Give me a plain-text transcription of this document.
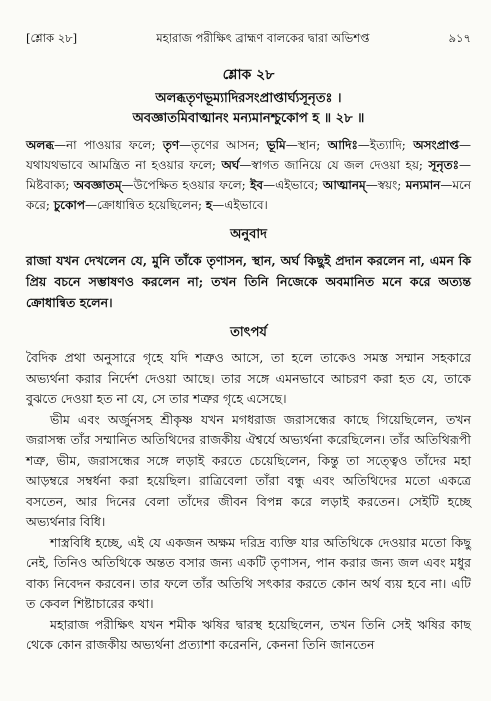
[শ্লোক ২৮]	মহারাজ পরীক্ষিৎ ব্রাহ্মণ বালকের দ্বারা অভিশপ্ত	৯১৭
শ্লোক ২৮
অলব্ধতৃণভূম্যাদিরসংপ্রাপ্তার্ঘ্যসূনৃতঃ ।
অবজ্ঞাতমিবাত্মানং মন্যমানশ্চুকোপ হ ॥ ২৮ ॥
অলব্ধ—না পাওয়ার ফলে; তৃণ—তৃণের আসন; ভূমি—স্থান; আদিঃ—ইত্যাদি; অসংপ্রাপ্ত—যথাযথভাবে আমন্ত্রিত না হওয়ার ফলে; অর্ঘ—স্বাগত জানিয়ে যে জল দেওয়া হয়; সূনৃতঃ—মিষ্টবাক্য; অবজ্ঞাতম্—উপেক্ষিত হওয়ার ফলে; ইব—এইভাবে; আত্মানম্—স্বয়ং; মন্যমান—মনে করে; চুকোপ—ক্রোধান্বিত হয়েছিলেন; হ—এইভাবে।
অনুবাদ
রাজা যখন দেখলেন যে, মুনি তাঁকে তৃণাসন, স্থান, অর্ঘ কিছুই প্রদান করলেন না, এমন কি প্রিয় বচনে সম্ভাষণও করলেন না; তখন তিনি নিজেকে অবমানিত মনে করে অত্যন্ত ক্রোধান্বিত হলেন।
তাৎপর্য

বৈদিক প্রথা অনুসারে গৃহে যদি শত্রুও আসে, তা হলে তাকেও সমস্ত সম্মান সহকারে অভ্যর্থনা করার নির্দেশ দেওয়া আছে। তার সঙ্গে এমনভাবে আচরণ করা হত যে, তাকে বুঝতে দেওয়া হত না যে, সে তার শত্রুর গৃহে এসেছে।

ভীম এবং অর্জুনসহ শ্রীকৃষ্ণ যখন মগধরাজ জরাসন্ধের কাছে গিয়েছিলেন, তখন জরাসন্ধ তাঁর সম্মানিত অতিথিদের রাজকীয় ঐশ্বর্যে অভ্যর্থনা করেছিলেন। তাঁর অতিথিরূপী শত্রু, ভীম, জরাসন্ধের সঙ্গে লড়াই করতে চেয়েছিলেন, কিন্তু তা সত্ত্বেও তাঁদের মহা আড়ম্বরে সম্বর্ধনা করা হয়েছিল। রাত্রিবেলা তাঁরা বন্ধু এবং অতিথিদের মতো একত্রে বসতেন, আর দিনের বেলা তাঁদের জীবন বিপন্ন করে লড়াই করতেন। সেইটি হচ্ছে অভ্যর্থনার বিধি।

শাস্ত্রবিধি হচ্ছে, এই যে একজন অক্ষম দরিদ্র ব্যক্তি যার অতিথিকে দেওয়ার মতো কিছু নেই, তিনিও অতিথিকে অন্তত বসার জন্য একটি তৃণাসন, পান করার জন্য জল এবং মধুর বাক্য নিবেদন করবেন। তার ফলে তাঁর অতিথি সৎকার করতে কোন অর্থ ব্যয় হবে না। এটি ত কেবল শিষ্টাচারের কথা।

মহারাজ পরীক্ষিৎ যখন শমীক ঋষির দ্বারস্থ হয়েছিলেন, তখন তিনি সেই ঋষির কাছ থেকে কোন রাজকীয় অভ্যর্থনা প্রত্যাশা করেননি, কেননা তিনি জানতেন
